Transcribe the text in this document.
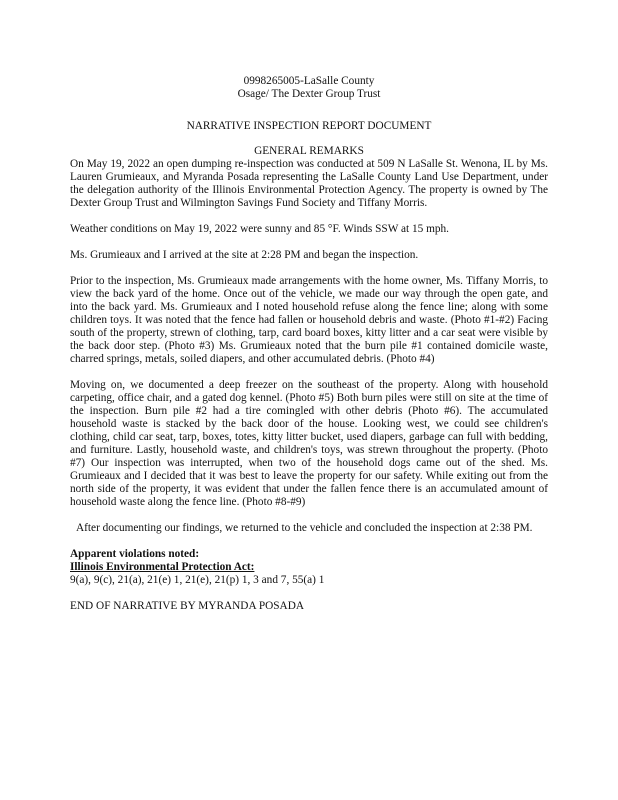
0998265005-LaSalle County
Osage/ The Dexter Group Trust
NARRATIVE INSPECTION REPORT DOCUMENT
GENERAL REMARKS

On May 19, 2022 an open dumping re-inspection was conducted at 509 N LaSalle St. Wenona, IL by Ms. Lauren Grumieaux, and Myranda Posada representing the LaSalle County Land Use Department, under the delegation authority of the Illinois Environmental Protection Agency. The property is owned by The Dexter Group Trust and Wilmington Savings Fund Society and Tiffany Morris.

Weather conditions on May 19, 2022 were sunny and 85 °F. Winds SSW at 15 mph.

Ms. Grumieaux and I arrived at the site at 2:28 PM and began the inspection.

Prior to the inspection, Ms. Grumieaux made arrangements with the home owner, Ms. Tiffany Morris, to view the back yard of the home. Once out of the vehicle, we made our way through the open gate, and into the back yard. Ms. Grumieaux and I noted household refuse along the fence line; along with some children toys. It was noted that the fence had fallen or household debris and waste. (Photo #1-#2) Facing south of the property, strewn of clothing, tarp, card board boxes, kitty litter and a car seat were visible by the back door step. (Photo #3) Ms. Grumieaux noted that the burn pile #1 contained domicile waste, charred springs, metals, soiled diapers, and other accumulated debris. (Photo #4)

Moving on, we documented a deep freezer on the southeast of the property. Along with household carpeting, office chair, and a gated dog kennel. (Photo #5) Both burn piles were still on site at the time of the inspection. Burn pile #2 had a tire comingled with other debris (Photo #6). The accumulated household waste is stacked by the back door of the house. Looking west, we could see children's clothing, child car seat, tarp, boxes, totes, kitty litter bucket, used diapers, garbage can full with bedding, and furniture. Lastly, household waste, and children's toys, was strewn throughout the property. (Photo #7) Our inspection was interrupted, when two of the household dogs came out of the shed. Ms. Grumieaux and I decided that it was best to leave the property for our safety. While exiting out from the north side of the property, it was evident that under the fallen fence there is an accumulated amount of household waste along the fence line. (Photo #8-#9)

After documenting our findings, we returned to the vehicle and concluded the inspection at 2:38 PM.

Apparent violations noted:
Illinois Environmental Protection Act:
9(a), 9(c), 21(a), 21(e) 1, 21(e), 21(p) 1, 3 and 7, 55(a) 1
END OF NARRATIVE BY MYRANDA POSADA
